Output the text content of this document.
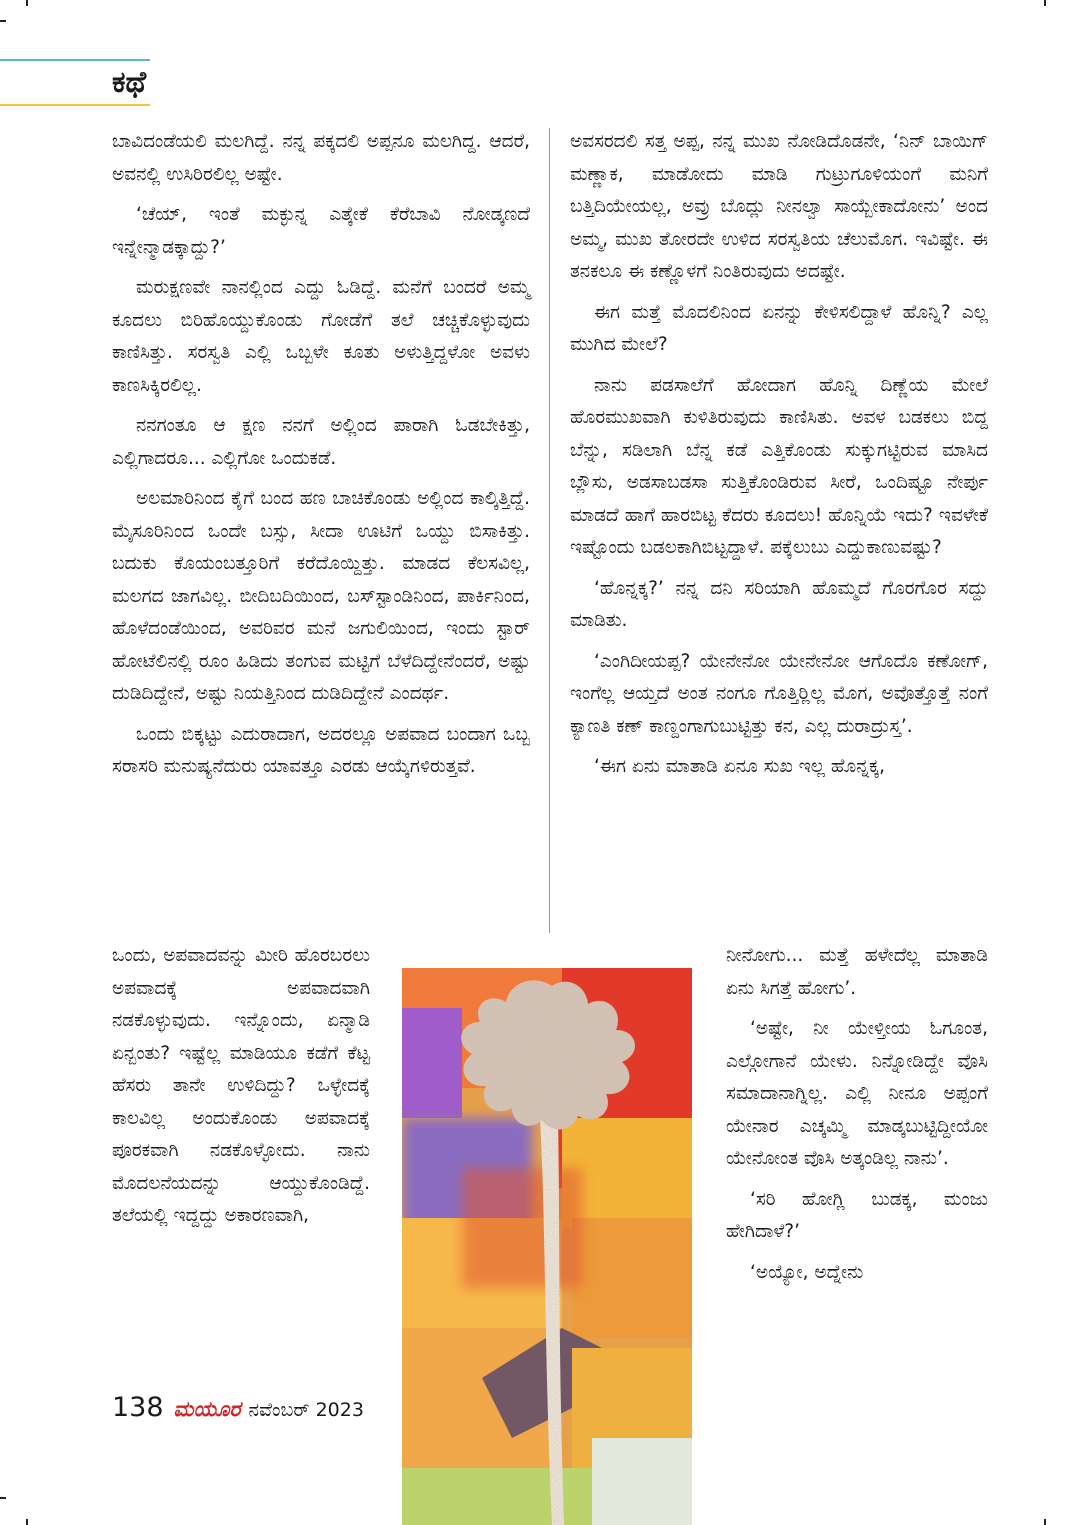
ಕಥೆ

ಬಾವಿದಂಡೆಯಲಿ ಮಲಗಿದ್ದೆ. ನನ್ನ ಪಕ್ಕದಲಿ ಅಪ್ಪನೂ ಮಲಗಿದ್ದ. ಆದರೆ, ಅವನಲ್ಲಿ ಉಸಿರಿರಲಿಲ್ಲ ಅಷ್ಟೇ.

‘ಚೆಯ್, ಇಂತೆ ಮಕ್ಳುನ್ನ ಎತ್ಕೇಕೆ ಕೆರೆಬಾವಿ ನೋಡ್ಕಣದೆ ಇನ್ನೇನ್ಮಾಡಕ್ಕಾದ್ದು?’

ಮರುಕ್ಷಣವೇ ನಾನಲ್ಲಿಂದ ಎದ್ದು ಓಡಿದ್ದೆ. ಮನೆಗೆ ಬಂದರೆ ಅಮ್ಮ ಕೂದಲು ಬಿರಿಹೊಯ್ದುಕೊಂಡು ಗೋಡೆಗೆ ತಲೆ ಚಚ್ಚಿಕೊಳ್ಳುವುದು ಕಾಣಿಸಿತ್ತು. ಸರಸ್ವತಿ ಎಲ್ಲಿ ಒಬ್ಬಳೇ ಕೂತು ಅಳುತ್ತಿದ್ದಳೋ ಅವಳು ಕಾಣಸಿಕ್ಕಿರಲಿಲ್ಲ.

ನನಗಂತೂ ಆ ಕ್ಷಣ ನನಗೆ ಅಲ್ಲಿಂದ ಪಾರಾಗಿ ಓಡಬೇಕಿತ್ತು, ಎಲ್ಲಿಗಾದರೂ... ಎಲ್ಲಿಗೋ ಒಂದುಕಡೆ.

ಅಲಮಾರಿನಿಂದ ಕೈಗೆ ಬಂದ ಹಣ ಬಾಚಿಕೊಂಡು ಅಲ್ಲಿಂದ ಕಾಲ್ಕಿತ್ತಿದ್ದೆ. ಮೈಸೂರಿನಿಂದ ಒಂದೇ ಬಸ್ಸು, ಸೀದಾ ಊಟಿಗೆ ಒಯ್ದು ಬಿಸಾಕಿತ್ತು. ಬದುಕು ಕೊಯಂಬತ್ತೂರಿಗೆ ಕರೆದೊಯ್ದಿತ್ತು. ಮಾಡದ ಕೆಲಸವಿಲ್ಲ, ಮಲಗದ ಜಾಗವಿಲ್ಲ. ಬೀದಿಬದಿಯಿಂದ, ಬಸ್‌ಸ್ಟಾಂಡಿನಿಂದ, ಪಾರ್ಕಿನಿಂದ, ಹೊಳೆದಂಡೆಯಿಂದ, ಅವರಿವರ ಮನೆ ಜಗುಲಿಯಿಂದ, ಇಂದು ಸ್ಟಾರ್ ಹೋಟೆಲಿನಲ್ಲಿ ರೂಂ ಹಿಡಿದು ತಂಗುವ ಮಟ್ಟಿಗೆ ಬೆಳೆದಿದ್ದೇನೆಂದರೆ, ಅಷ್ಟು ದುಡಿದಿದ್ದೇನೆ, ಅಷ್ಟು ನಿಯತ್ತಿನಿಂದ ದುಡಿದಿದ್ದೇನೆ ಎಂದರ್ಥ.

ಒಂದು ಬಿಕ್ಕಟ್ಟು ಎದುರಾದಾಗ, ಅದರಲ್ಲೂ ಅಪವಾದ ಬಂದಾಗ ಒಬ್ಬ ಸರಾಸರಿ ಮನುಷ್ಯನೆದುರು ಯಾವತ್ತೂ ಎರಡು ಆಯ್ಕೆಗಳಿರುತ್ತವೆ.

ಅವಸರದಲಿ ಸತ್ತ ಅಪ್ಪ, ನನ್ನ ಮುಖ ನೋಡಿದೊಡನೇ, ‘ನಿನ್ ಬಾಯಿಗ್ ಮಣ್ಣಾಕ, ಮಾಡೋದು ಮಾಡಿ ಗುಟ್ರುಗೂಳಿಯಂಗೆ ಮನಿಗೆ ಬತ್ತಿದಿಯೇಯಲ್ಲ, ಅವ್ರು ಬೊದ್ಲು ನೀನಲ್ವಾ ಸಾಯ್ಬೇಕಾದೋನು’ ಅಂದ ಅಮ್ಮ, ಮುಖ ತೋರದೇ ಉಳಿದ ಸರಸ್ವತಿಯ ಚೆಲುಮೊಗ. ಇವಿಷ್ಟೇ. ಈ ತನಕಲೂ ಈ ಕಣ್ಣೊಳಗೆ ನಿಂತಿರುವುದು ಅದಷ್ಟೇ.

ಈಗ ಮತ್ತೆ ಮೊದಲಿನಿಂದ ಏನನ್ನು ಕೇಳಿಸಲಿದ್ದಾಳೆ ಹೊನ್ನಿ? ಎಲ್ಲ ಮುಗಿದ ಮೇಲೆ?

ನಾನು ಪಡಸಾಲೆಗೆ ಹೋದಾಗ ಹೊನ್ನಿ ದಿಣ್ಣೆಯ ಮೇಲೆ ಹೊರಮುಖವಾಗಿ ಕುಳಿತಿರುವುದು ಕಾಣಿಸಿತು. ಅವಳ ಬಡಕಲು ಬಿದ್ದ ಬೆನ್ನು, ಸಡಿಲಾಗಿ ಬೆನ್ನ ಕಡೆ ಎತ್ತಿಕೊಂಡು ಸುಕ್ಕುಗಟ್ಟಿರುವ ಮಾಸಿದ ಬ್ಲೌಸು, ಅಡಸಾಬಡಸಾ ಸುತ್ತಿಕೊಂಡಿರುವ ಸೀರೆ, ಒಂದಿಷ್ಟೂ ನೇರ್ಪು ಮಾಡದೆ ಹಾಗೆ ಹಾರಬಿಟ್ಟ ಕೆದರು ಕೂದಲು! ಹೊನ್ನಿಯೆ ಇದು? ಇವಳೇಕೆ ಇಷ್ಟೊಂದು ಬಡಲಕಾಗಿಬಿಟ್ಟದ್ದಾಳೆ. ಪಕ್ಕೆಲುಬು ಎದ್ದುಕಾಣುವಷ್ಟು?

‘ಹೊನ್ನಕ್ಕ?’ ನನ್ನ ದನಿ ಸರಿಯಾಗಿ ಹೊಮ್ಮದೆ ಗೊರಗೊರ ಸದ್ದು ಮಾಡಿತು.

‘ಎಂಗಿದೀಯಪ್ಪ? ಯೇನೇನೋ ಯೇನೇನೋ ಆಗೊದೊ ಕಣೋಗ್, ಇಂಗೆಲ್ಲ ಆಯ್ತದೆ ಅಂತ ನಂಗೂ ಗೊತ್ತಿರ್‍ಲಿಲ್ಲ ಮೊಗ, ಅವೊತ್ತೊತ್ತೆ ನಂಗೆ ಕ್ಯಾಣತಿ ಕಣ್ ಕಾಣ್ದಂಗಾಗುಬುಟ್ಟಿತ್ತು ಕನ, ಎಲ್ಲ ದುರಾದ್ರುಸ್ತ’.

‘ಈಗ ಏನು ಮಾತಾಡಿ ಏನೂ ಸುಖ ಇಲ್ಲ ಹೊನ್ನಕ್ಕ,

ಒಂದು, ಅಪವಾದವನ್ನು ಮೀರಿ ಹೊರಬರಲು ಅಪವಾದಕ್ಕೆ ಅಪವಾದವಾಗಿ ನಡಕೊಳ್ಳುವುದು. ಇನ್ನೊಂದು, ಏನ್ಮಾಡಿ ಏನ್ಬಂತು? ಇಷ್ಟೆಲ್ಲ ಮಾಡಿಯೂ ಕಡೆಗೆ ಕೆಟ್ಟ ಹೆಸರು ತಾನೇ ಉಳಿದಿದ್ದು? ಒಳ್ಳೇದಕ್ಕೆ ಕಾಲವಿಲ್ಲ ಅಂದುಕೊಂಡು ಅಪವಾದಕ್ಕೆ ಪೂರಕವಾಗಿ ನಡಕೊಳ್ಳೋದು. ನಾನು ಮೊದಲನೆಯದನ್ನು ಆಯ್ದುಕೊಂಡಿದ್ದೆ. ತಲೆಯಲ್ಲಿ ಇದ್ದದ್ದು ಅಕಾರಣವಾಗಿ,

ನೀನೋಗು... ಮತ್ತೆ ಹಳೇದೆಲ್ಲ ಮಾತಾಡಿ ಏನು ಸಿಗತ್ತೆ ಹೋಗು’.

‘ಅಷ್ಟೇ, ನೀ ಯೇಳ್ತೀಯ ಓಗೂಂತ, ಎಲ್ಗೋಗಾನೆ ಯೇಳು. ನಿನ್ನೋಡಿದ್ದೇ ವೊಸಿ ಸಮಾದಾನಾಗ್ನಿಲ್ಲ. ಎಲ್ಲಿ ನೀನೂ ಅಪ್ಪಂಗೆ ಯೇನಾರ ಎಚ್ಕಮ್ಮಿ ಮಾಡ್ಕಬುಟ್ಟಿದ್ದೀಯೋ ಯೇನೋಂತ ವೊಸಿ ಅತ್ಕಂಡಿಲ್ಲ ನಾನು’.

‘ಸರಿ ಹೋಗ್ಲಿ ಬುಡಕ್ಕ, ಮಂಜು ಹೇಗಿದಾಳೆ?’

‘ಅಯ್ಯೋ, ಅದ್ನೇನು

138 ಮಯೂರ ನವೆಂಬರ್ 2023
